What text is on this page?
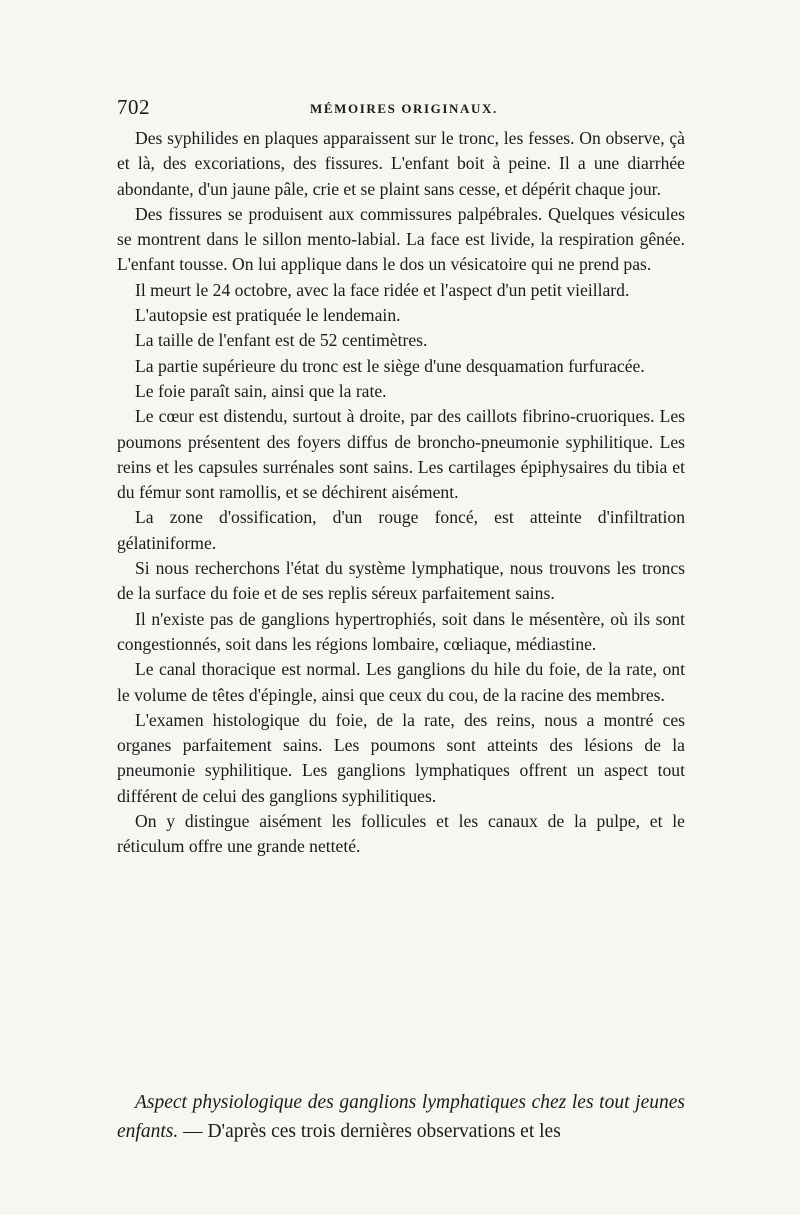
702	MÉMOIRES ORIGINAUX.

Des syphilides en plaques apparaissent sur le tronc, les fesses. On observe, çà et là, des excoriations, des fissures. L'enfant boit à peine. Il a une diarrhée abondante, d'un jaune pâle, crie et se plaint sans cesse, et dépérit chaque jour.

Des fissures se produisent aux commissures palpébrales. Quelques vésicules se montrent dans le sillon mento-labial. La face est livide, la respiration gênée. L'enfant tousse. On lui applique dans le dos un vésicatoire qui ne prend pas.

Il meurt le 24 octobre, avec la face ridée et l'aspect d'un petit vieillard.

L'autopsie est pratiquée le lendemain.

La taille de l'enfant est de 52 centimètres.

La partie supérieure du tronc est le siège d'une desquamation furfuracée.

Le foie paraît sain, ainsi que la rate.

Le cœur est distendu, surtout à droite, par des caillots fibrino-cruoriques. Les poumons présentent des foyers diffus de broncho-pneumonie syphilitique. Les reins et les capsules surrénales sont sains. Les cartilages épiphysaires du tibia et du fémur sont ramollis, et se déchirent aisément.

La zone d'ossification, d'un rouge foncé, est atteinte d'infiltration gélatiniforme.

Si nous recherchons l'état du système lymphatique, nous trouvons les troncs de la surface du foie et de ses replis séreux parfaitement sains.

Il n'existe pas de ganglions hypertrophiés, soit dans le mésentère, où ils sont congestionnés, soit dans les régions lombaire, cœliaque, médiastine.

Le canal thoracique est normal. Les ganglions du hile du foie, de la rate, ont le volume de têtes d'épingle, ainsi que ceux du cou, de la racine des membres.

L'examen histologique du foie, de la rate, des reins, nous a montré ces organes parfaitement sains. Les poumons sont atteints des lésions de la pneumonie syphilitique. Les ganglions lymphatiques offrent un aspect tout différent de celui des ganglions syphilitiques.

On y distingue aisément les follicules et les canaux de la pulpe, et le réticulum offre une grande netteté.

Aspect physiologique des ganglions lymphatiques chez les tout jeunes enfants. — D'après ces trois dernières observations et les
